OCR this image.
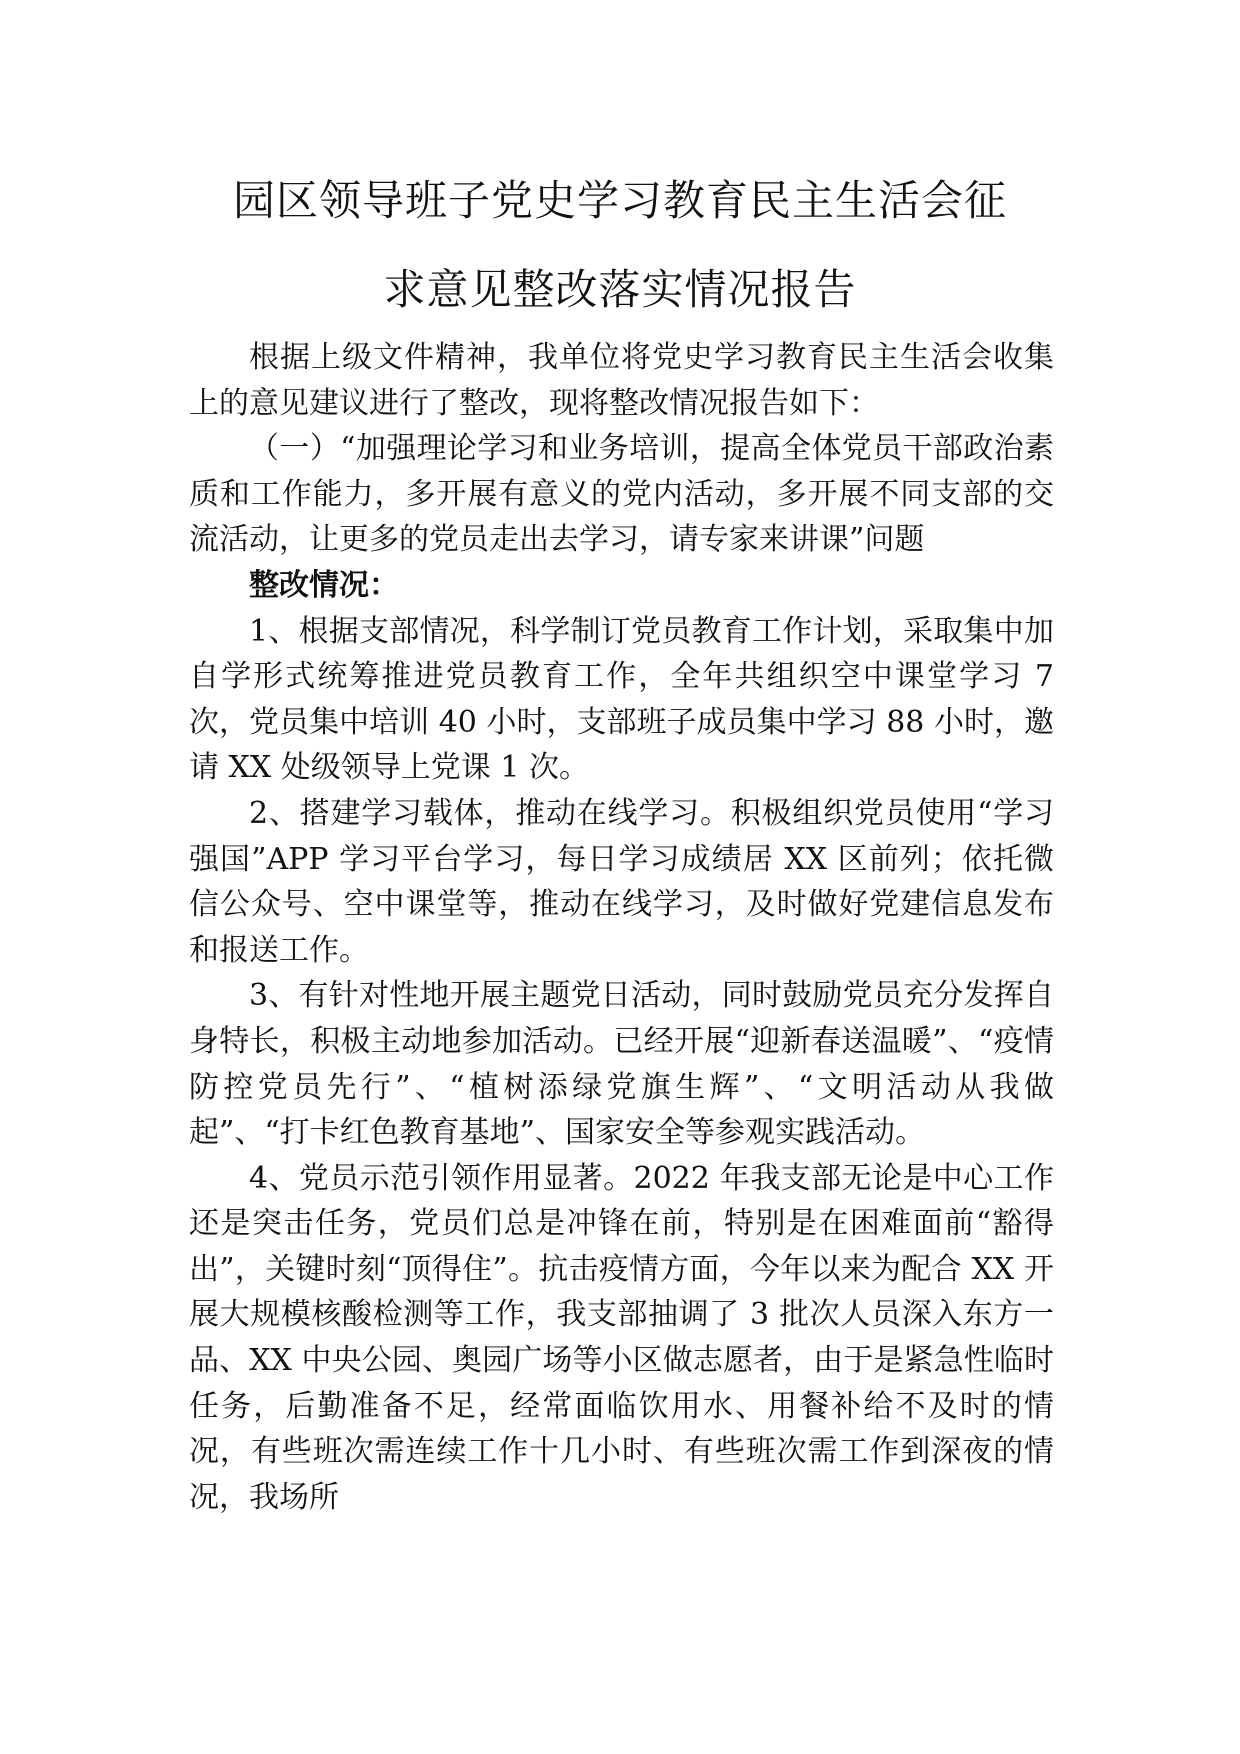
园区领导班子党史学习教育民主生活会征
求意见整改落实情况报告

根据上级文件精神，我单位将党史学习教育民主生活会收集上的意见建议进行了整改，现将整改情况报告如下：

（一）“加强理论学习和业务培训，提高全体党员干部政治素质和工作能力，多开展有意义的党内活动，多开展不同支部的交流活动，让更多的党员走出去学习，请专家来讲课”问题

整改情况：

1、根据支部情况，科学制订党员教育工作计划，采取集中加自学形式统筹推进党员教育工作，全年共组织空中课堂学习 7 次，党员集中培训 40 小时，支部班子成员集中学习 88 小时，邀请 XX 处级领导上党课 1 次。

2、搭建学习载体，推动在线学习。积极组织党员使用“学习强国”APP 学习平台学习，每日学习成绩居 XX 区前列；依托微信公众号、空中课堂等，推动在线学习，及时做好党建信息发布和报送工作。

3、有针对性地开展主题党日活动，同时鼓励党员充分发挥自身特长，积极主动地参加活动。已经开展“迎新春送温暖”、“疫情防控党员先行”、“植树添绿党旗生辉”、“文明活动从我做起”、“打卡红色教育基地”、国家安全等参观实践活动。

4、党员示范引领作用显著。2022 年我支部无论是中心工作还是突击任务，党员们总是冲锋在前，特别是在困难面前“豁得出”，关键时刻“顶得住”。抗击疫情方面，今年以来为配合 XX 开展大规模核酸检测等工作，我支部抽调了 3 批次人员深入东方一品、XX 中央公园、奥园广场等小区做志愿者，由于是紧急性临时任务，后勤准备不足，经常面临饮用水、用餐补给不及时的情况，有些班次需连续工作十几小时、有些班次需工作到深夜的情况，我场所
